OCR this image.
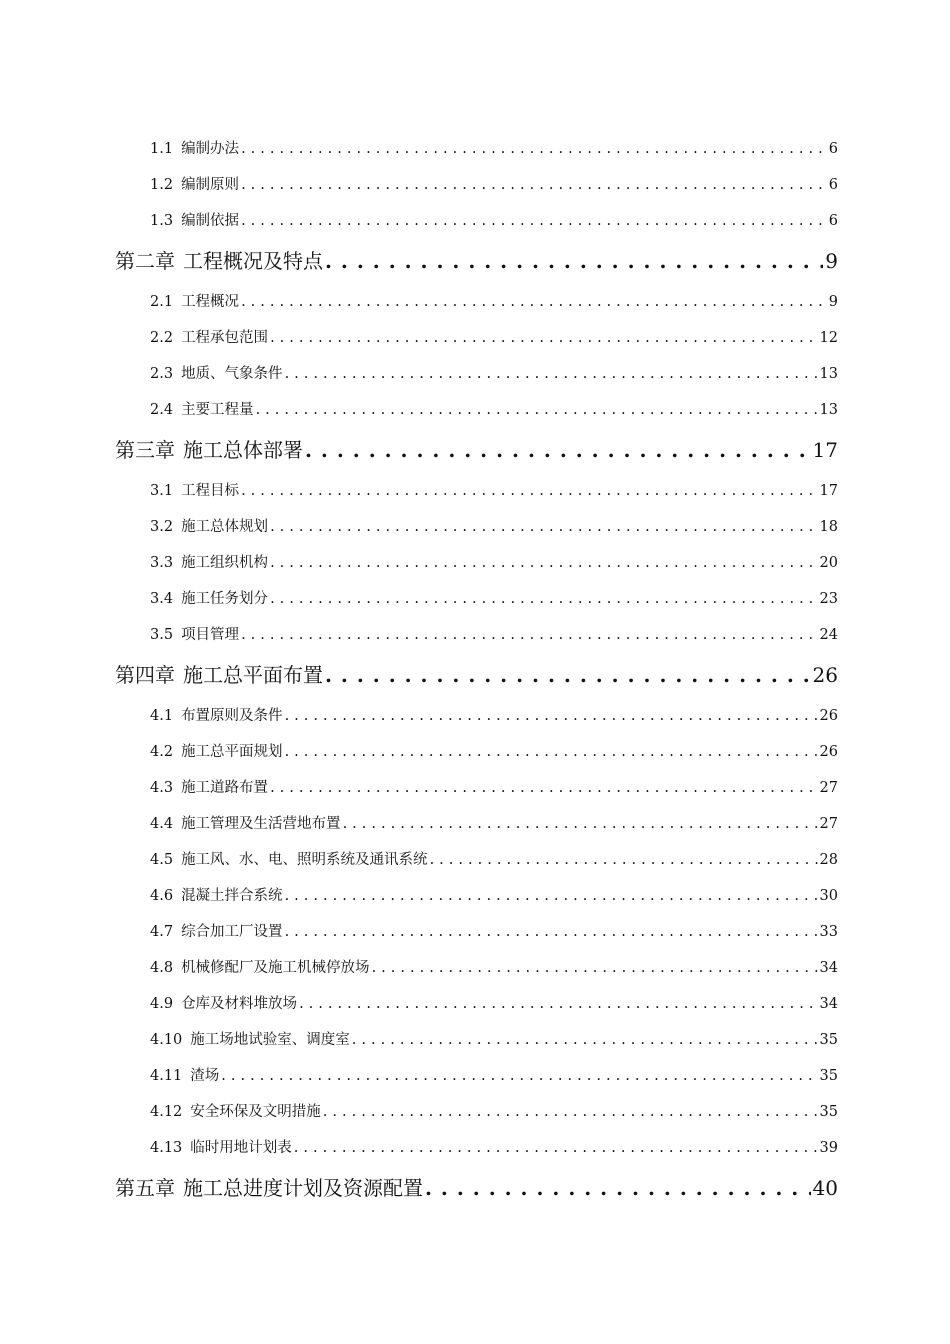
1.1 编制办法 . . .	6
1.2 编制原则 . . .	6
1.3 编制依据 . . .	6
第二章 工程概况及特点 . . .	9
2.1 工程概况 . . .	9
2.2 工程承包范围 . . .	12
2.3 地质、气象条件 . . .	13
2.4 主要工程量 . . .	13
第三章 施工总体部署 . . .	17
3.1 工程目标 . . .	17
3.2 施工总体规划 . . .	18
3.3 施工组织机构 . . .	20
3.4 施工任务划分 . . .	23
3.5 项目管理 . . .	24
第四章 施工总平面布置 . . .	26
4.1 布置原则及条件 . . .	26
4.2 施工总平面规划 . . .	26
4.3 施工道路布置 . . .	27
4.4 施工管理及生活营地布置 . . .	27
4.5 施工风、水、电、照明系统及通讯系统 . . .	28
4.6 混凝土拌合系统 . . .	30
4.7 综合加工厂设置 . . .	33
4.8 机械修配厂及施工机械停放场 . . .	34
4.9 仓库及材料堆放场 . . .	34
4.10 施工场地试验室、调度室 . . .	35
4.11 渣场 . . .	35
4.12 安全环保及文明措施 . . .	35
4.13 临时用地计划表 . . .	39
第五章 施工总进度计划及资源配置 . . .	40
